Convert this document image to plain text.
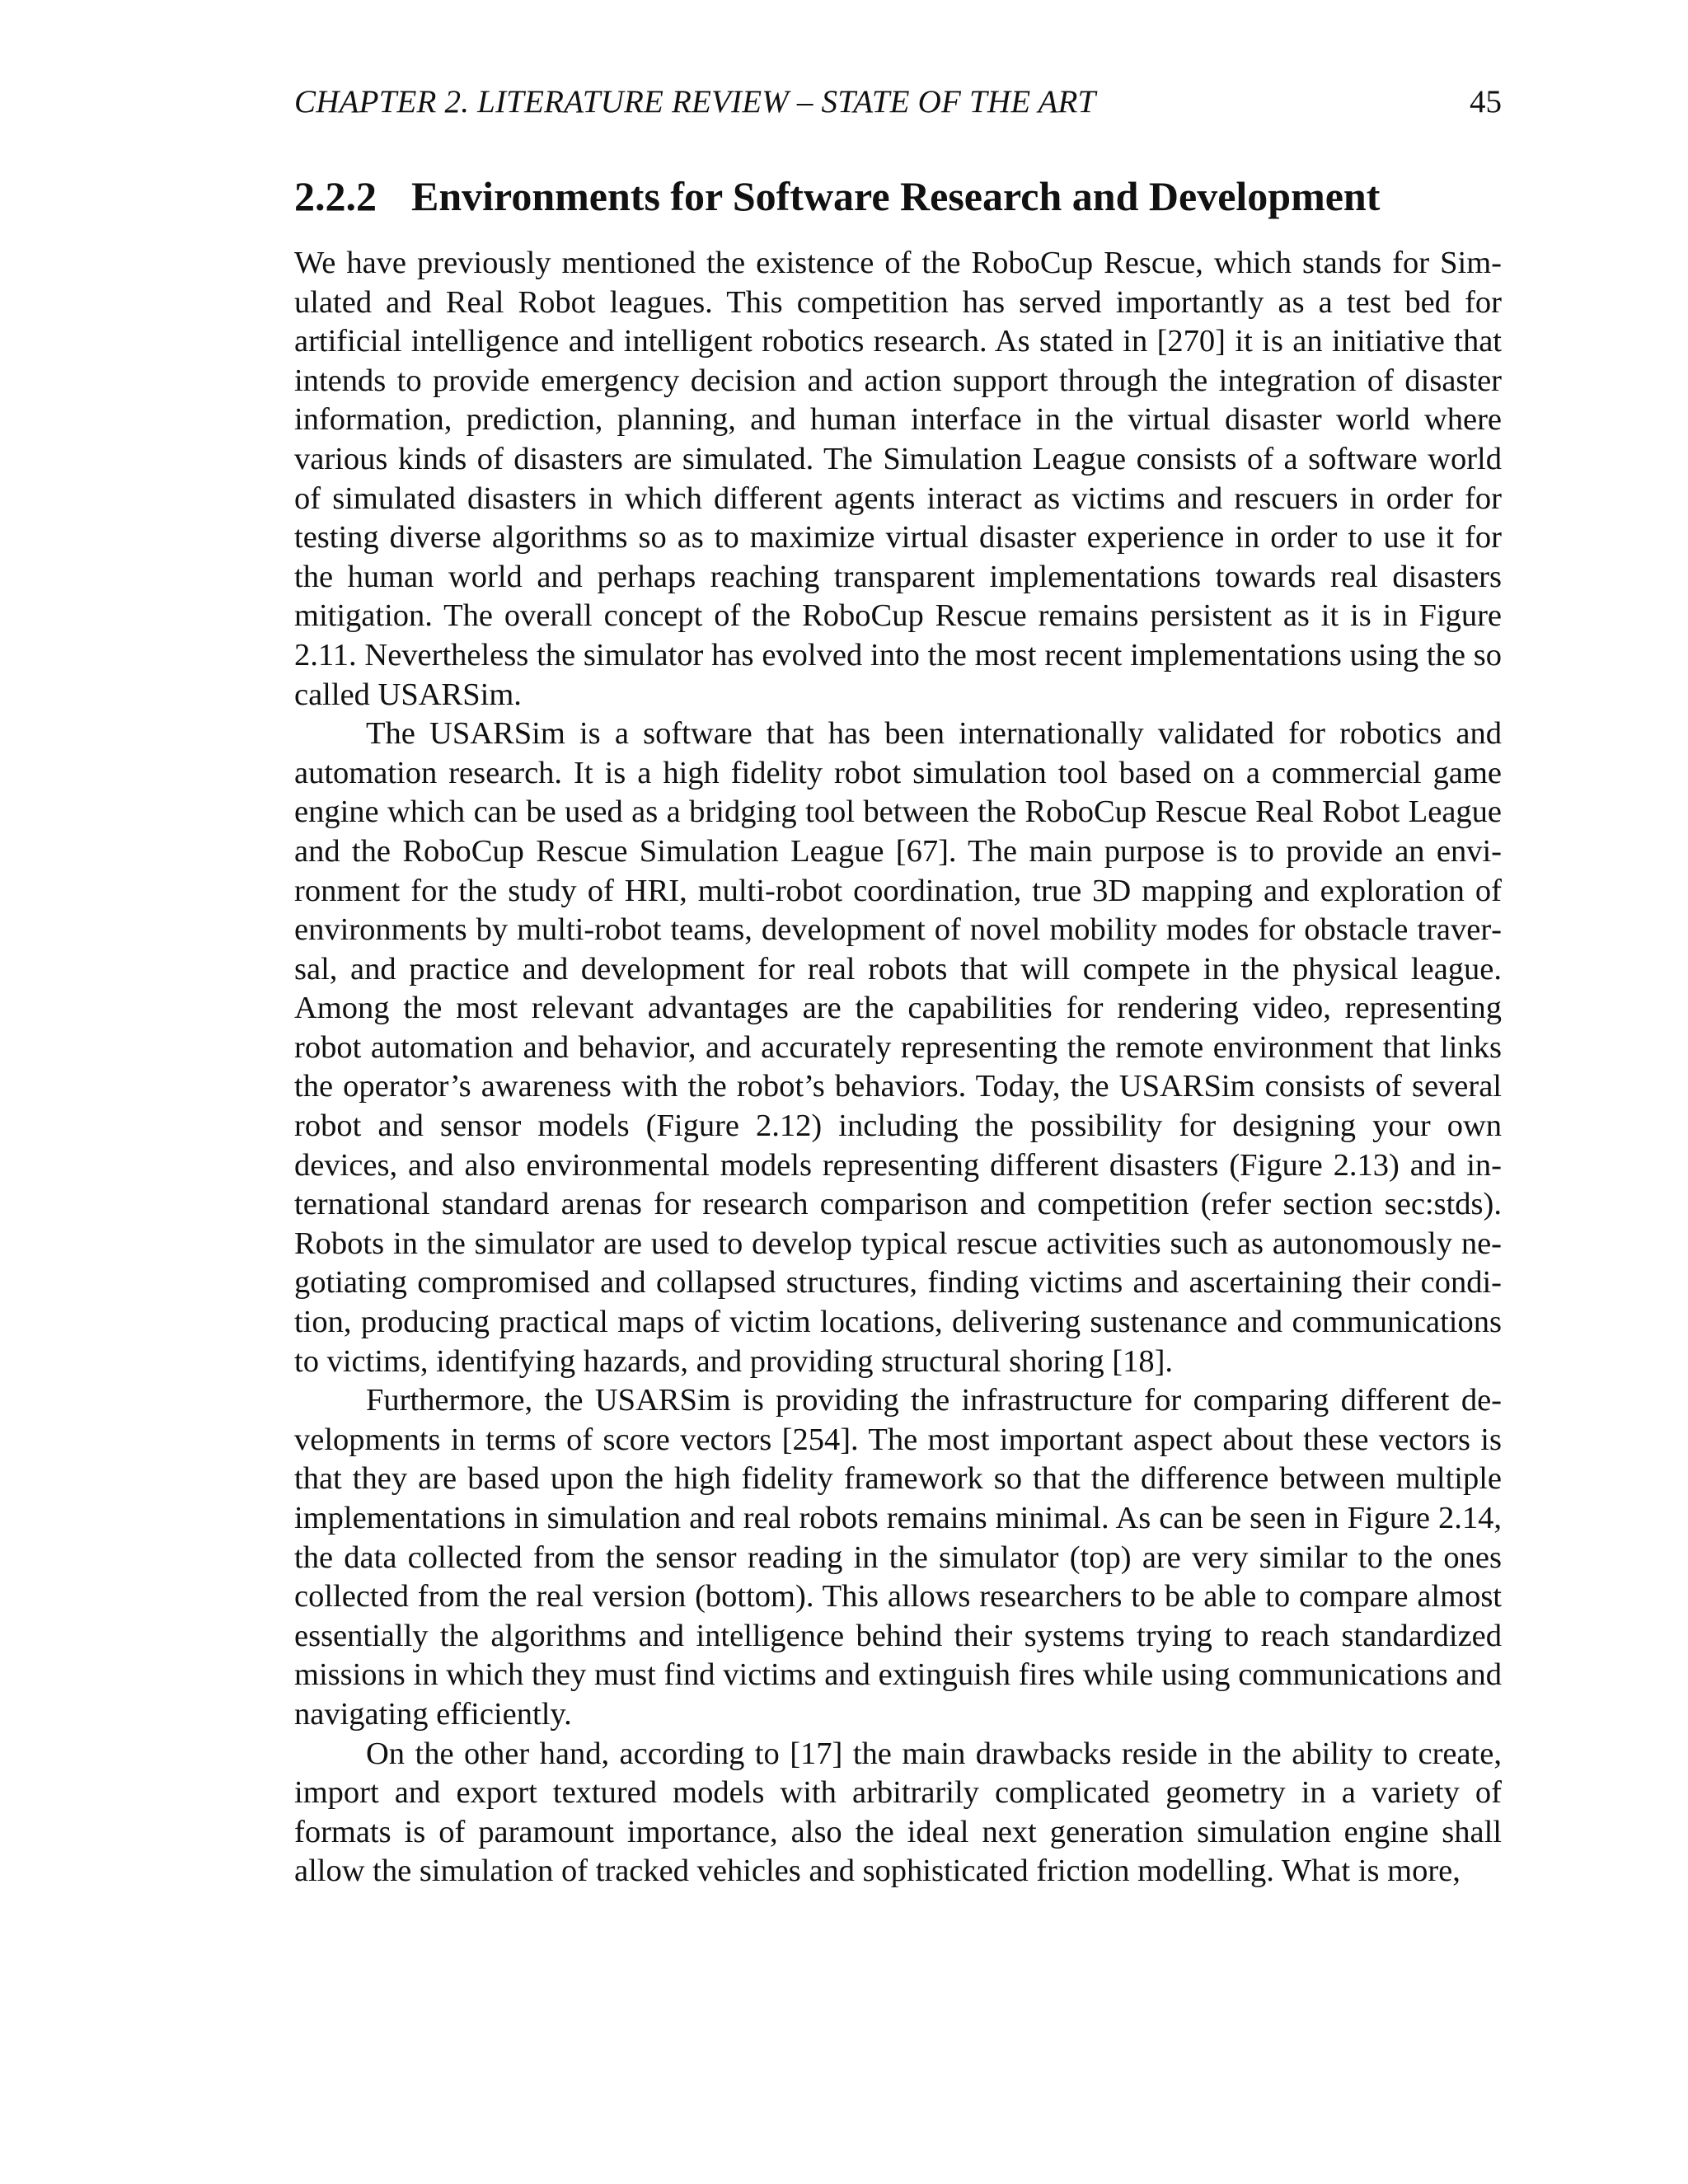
CHAPTER 2. LITERATURE REVIEW – STATE OF THE ART	45
2.2.2 Environments for Software Research and Development

We have previously mentioned the existence of the RoboCup Rescue, which stands for Simulated and Real Robot leagues. This competition has served importantly as a test bed for artificial intelligence and intelligent robotics research. As stated in [270] it is an initiative that intends to provide emergency decision and action support through the integration of disaster information, prediction, planning, and human interface in the virtual disaster world where various kinds of disasters are simulated. The Simulation League consists of a software world of simulated disasters in which different agents interact as victims and rescuers in order for testing diverse algorithms so as to maximize virtual disaster experience in order to use it for the human world and perhaps reaching transparent implementations towards real disasters mitigation. The overall concept of the RoboCup Rescue remains persistent as it is in Figure 2.11. Nevertheless the simulator has evolved into the most recent implementations using the so called USARSim.

The USARSim is a software that has been internationally validated for robotics and automation research. It is a high fidelity robot simulation tool based on a commercial game engine which can be used as a bridging tool between the RoboCup Rescue Real Robot League and the RoboCup Rescue Simulation League [67]. The main purpose is to provide an environment for the study of HRI, multi-robot coordination, true 3D mapping and exploration of environments by multi-robot teams, development of novel mobility modes for obstacle traversal, and practice and development for real robots that will compete in the physical league. Among the most relevant advantages are the capabilities for rendering video, representing robot automation and behavior, and accurately representing the remote environment that links the operator’s awareness with the robot’s behaviors. Today, the USARSim consists of several robot and sensor models (Figure 2.12) including the possibility for designing your own devices, and also environmental models representing different disasters (Figure 2.13) and international standard arenas for research comparison and competition (refer section sec:stds). Robots in the simulator are used to develop typical rescue activities such as autonomously negotiating compromised and collapsed structures, finding victims and ascertaining their condition, producing practical maps of victim locations, delivering sustenance and communications to victims, identifying hazards, and providing structural shoring [18].

Furthermore, the USARSim is providing the infrastructure for comparing different developments in terms of score vectors [254]. The most important aspect about these vectors is that they are based upon the high fidelity framework so that the difference between multiple implementations in simulation and real robots remains minimal. As can be seen in Figure 2.14, the data collected from the sensor reading in the simulator (top) are very similar to the ones collected from the real version (bottom). This allows researchers to be able to compare almost essentially the algorithms and intelligence behind their systems trying to reach standardized missions in which they must find victims and extinguish fires while using communications and navigating efficiently.

On the other hand, according to [17] the main drawbacks reside in the ability to create, import and export textured models with arbitrarily complicated geometry in a variety of formats is of paramount importance, also the ideal next generation simulation engine shall allow the simulation of tracked vehicles and sophisticated friction modelling. What is more,
